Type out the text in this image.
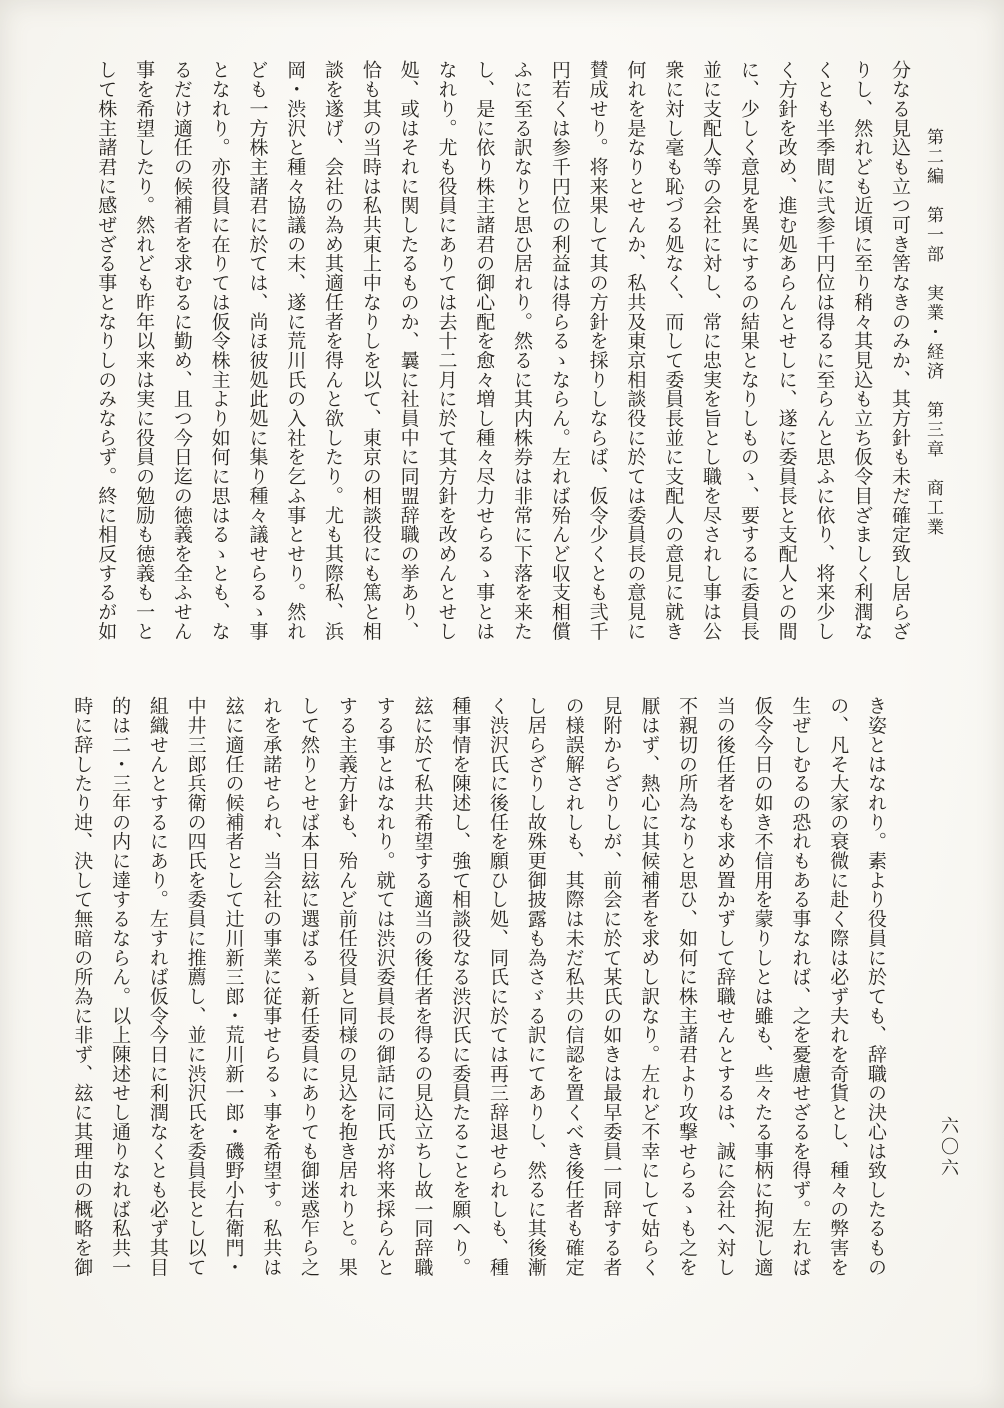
第二編　第一部　実業・経済　第三章　商工業
分なる見込も立つ可き筈なきのみか、其方針も未だ確定致し居らざ
りし、然れども近頃に至り稍々其見込も立ち仮令目ざましく利潤な
くとも半季間に弐参千円位は得るに至らんと思ふに依り、将来少し
く方針を改め、進む処あらんとせしに、遂に委員長と支配人との間
に、少しく意見を異にするの結果となりしものゝ、要するに委員長
並に支配人等の会社に対し、常に忠実を旨とし職を尽されし事は公
衆に対し毫も恥づる処なく、而して委員長並に支配人の意見に就き
何れを是なりとせんか、私共及東京相談役に於ては委員長の意見に
賛成せり。将来果して其の方針を採りしならば、仮令少くとも弐千
円若くは参千円位の利益は得らるゝならん。左れば殆んど収支相償
ふに至る訳なりと思ひ居れり。然るに其内株券は非常に下落を来た
し、是に依り株主諸君の御心配を愈々増し種々尽力せらるゝ事とは
なれり。尤も役員にありては去十二月に於て其方針を改めんとせし
処、或はそれに関したるものか、曩に社員中に同盟辞職の挙あり、
恰も其の当時は私共東上中なりしを以て、東京の相談役にも篤と相
談を遂げ、会社の為め其適任者を得んと欲したり。尤も其際私、浜
岡・渋沢と種々協議の末、遂に荒川氏の入社を乞ふ事とせり。然れ
ども一方株主諸君に於ては、尚ほ彼処此処に集り種々議せらるゝ事
となれり。亦役員に在りては仮令株主より如何に思はるゝとも、な
るだけ適任の候補者を求むるに勤め、且つ今日迄の徳義を全ふせん
事を希望したり。然れども昨年以来は実に役員の勉励も徳義も一と
して株主諸君に感ぜざる事となりしのみならず。終に相反するが如
六〇六
き姿とはなれり。素より役員に於ても、辞職の決心は致したるもの
の、凡そ大家の衰微に赴く際は必ず夫れを奇貨とし、種々の弊害を
生ぜしむるの恐れもある事なれば、之を憂慮せざるを得ず。左れば
仮令今日の如き不信用を蒙りしとは雖も、些々たる事柄に拘泥し適
当の後任者をも求め置かずして辞職せんとするは、誠に会社へ対し
不親切の所為なりと思ひ、如何に株主諸君より攻撃せらるゝも之を
厭はず、熱心に其候補者を求めし訳なり。左れど不幸にして姑らく
見附からざりしが、前会に於て某氏の如きは最早委員一同辞する者
の様誤解されしも、其際は未だ私共の信認を置くべき後任者も確定
し居らざりし故殊更御披露も為さゞる訳にてありし、然るに其後漸
く渋沢氏に後任を願ひし処、同氏に於ては再三辞退せられしも、種
種事情を陳述し、強て相談役なる渋沢氏に委員たることを願へり。
玆に於て私共希望する適当の後任者を得るの見込立ちし故一同辞職
する事とはなれり。就ては渋沢委員長の御話に同氏が将来採らんと
する主義方針も、殆んど前任役員と同様の見込を抱き居れりと。果
して然りとせば本日玆に選ばるゝ新任委員にありても御迷惑乍ら之
れを承諾せられ、当会社の事業に従事せらるゝ事を希望す。私共は
玆に適任の候補者として辻川新三郎・荒川新一郎・磯野小右衛門・
中井三郎兵衛の四氏を委員に推薦し、並に渋沢氏を委員長とし以て
組織せんとするにあり。左すれば仮令今日に利潤なくとも必ず其目
的は二・三年の内に達するならん。以上陳述せし通りなれば私共一
時に辞したり迚、決して無暗の所為に非ず、玆に其理由の概略を御
